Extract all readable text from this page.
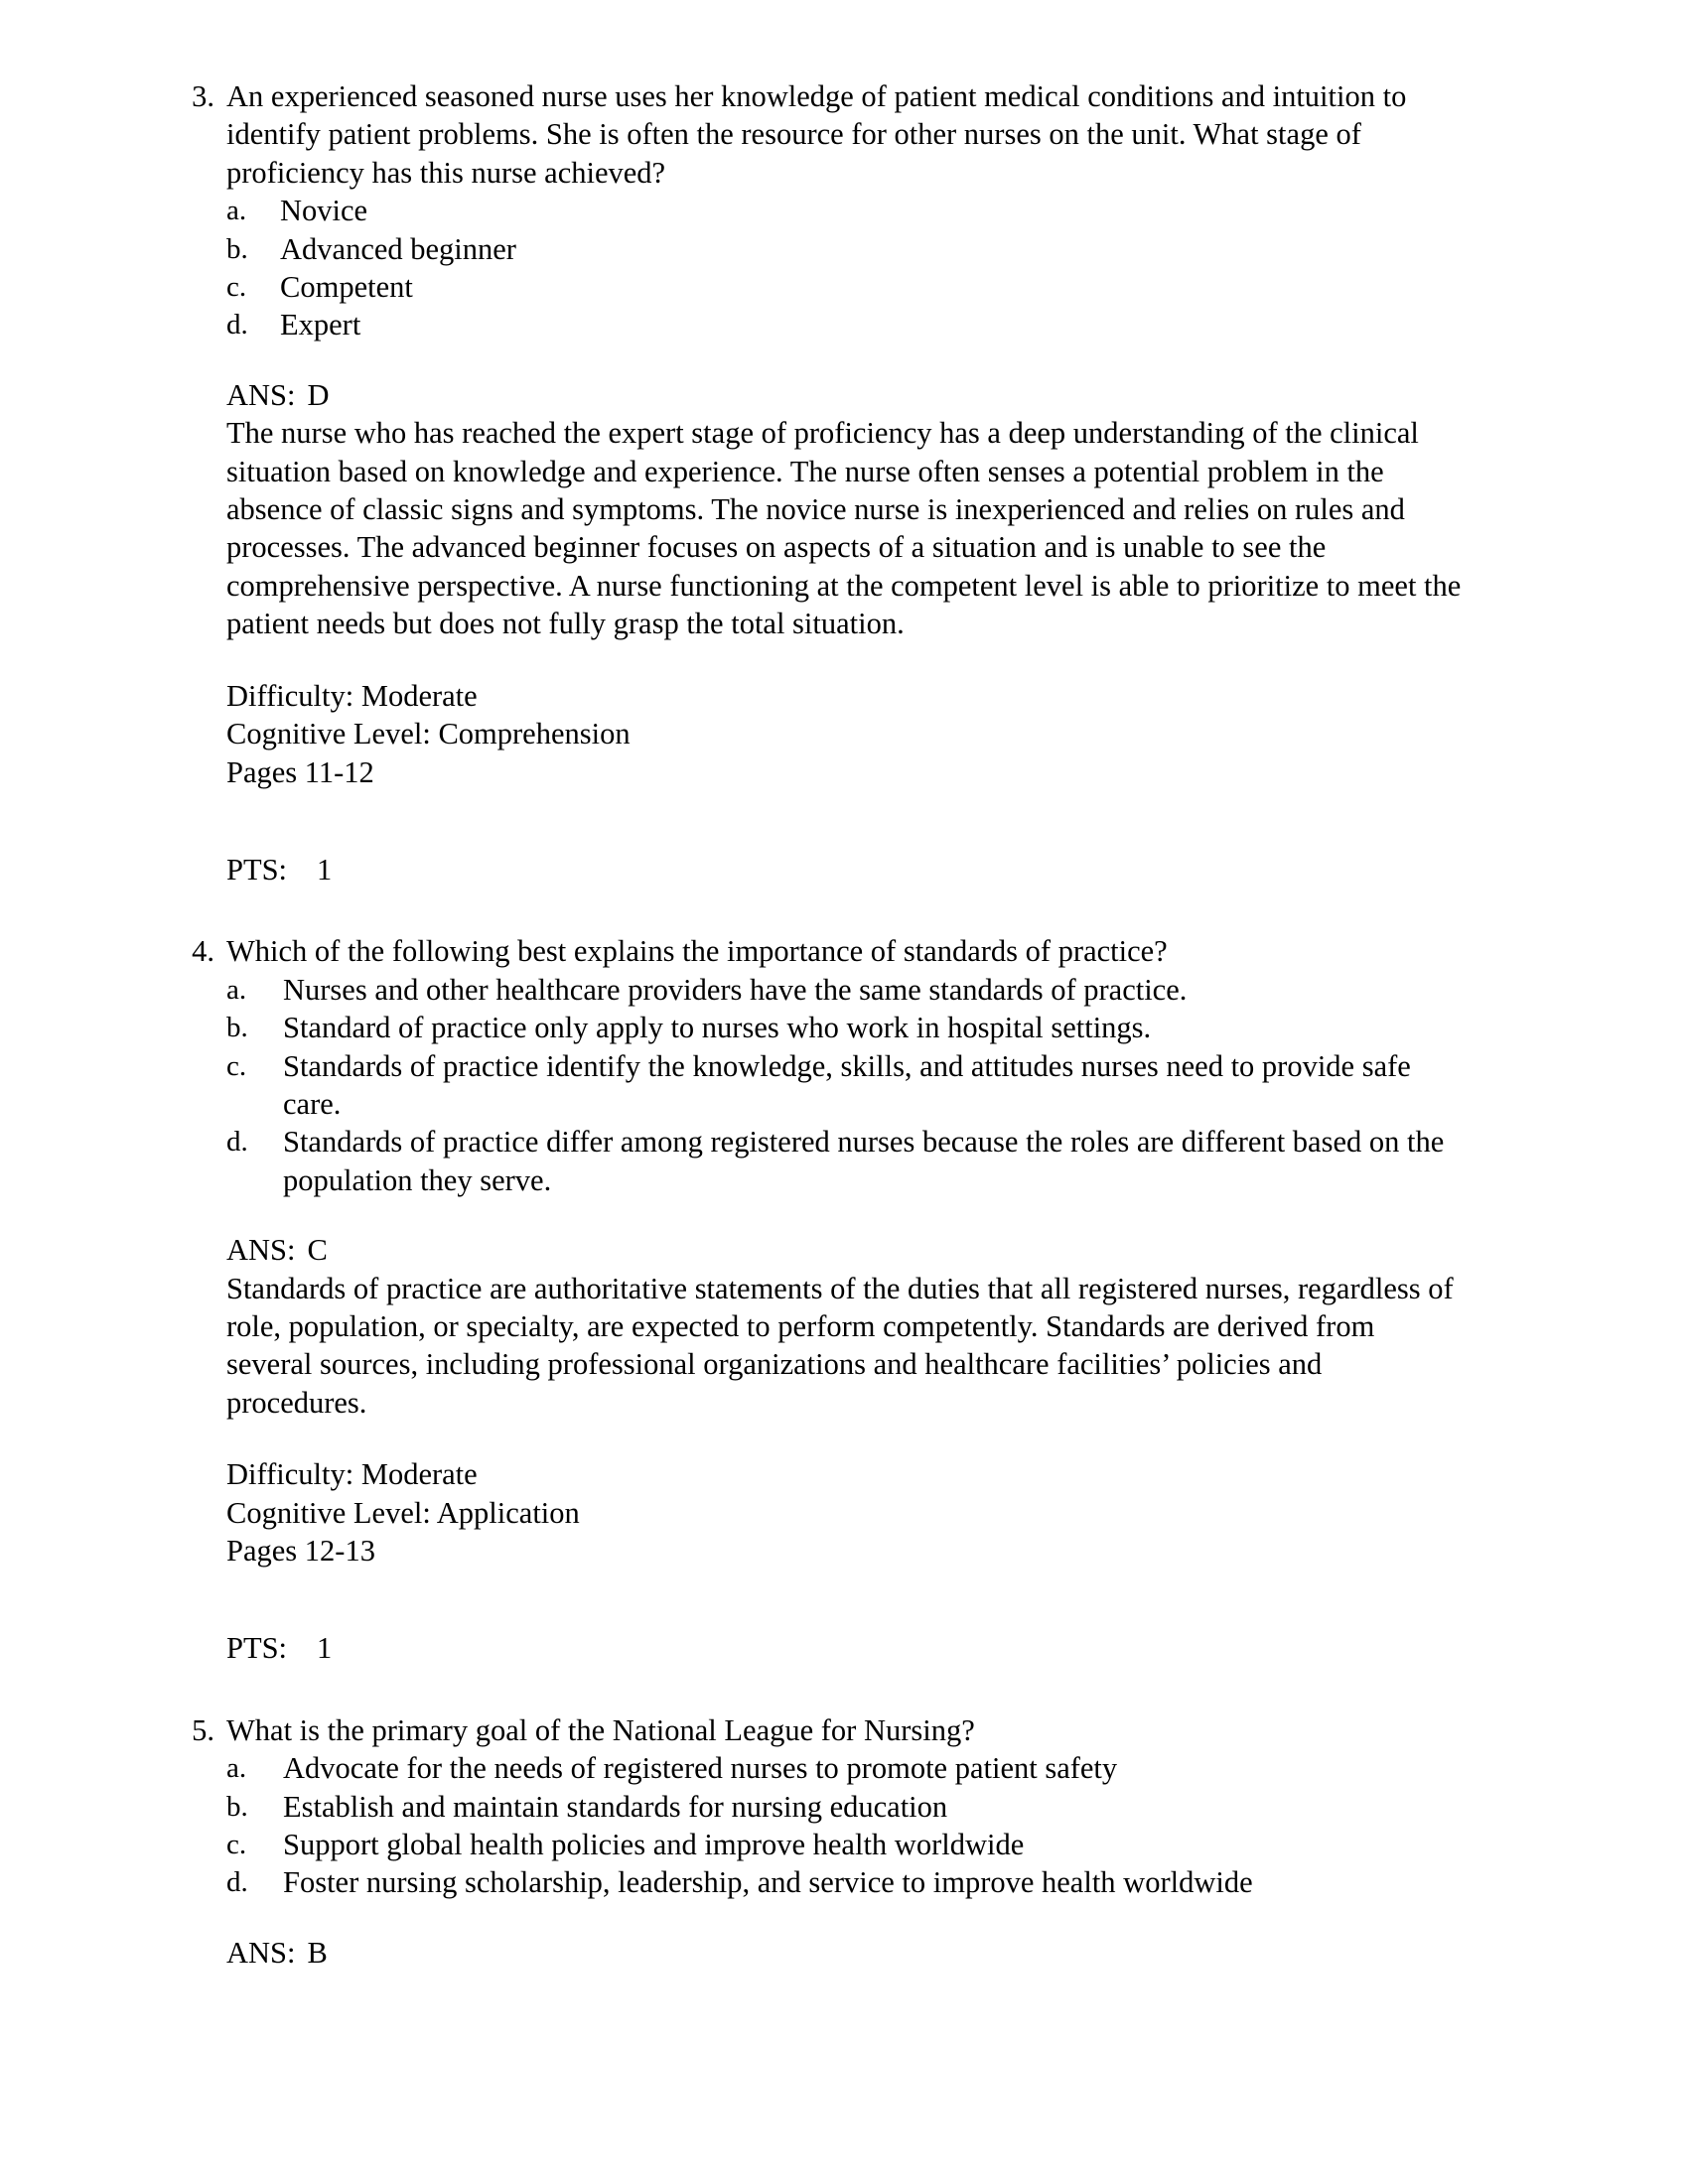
3. An experienced seasoned nurse uses her knowledge of patient medical conditions and intuition to identify patient problems. She is often the resource for other nurses on the unit. What stage of proficiency has this nurse achieved?
a.	Novice
b.	Advanced beginner
c.	Competent
d.	Expert
ANS: D

The nurse who has reached the expert stage of proficiency has a deep understanding of the clinical situation based on knowledge and experience. The nurse often senses a potential problem in the absence of classic signs and symptoms. The novice nurse is inexperienced and relies on rules and processes. The advanced beginner focuses on aspects of a situation and is unable to see the comprehensive perspective. A nurse functioning at the competent level is able to prioritize to meet the patient needs but does not fully grasp the total situation.

Difficulty: Moderate
Cognitive Level: Comprehension
Pages 11-12
PTS: 1
4. Which of the following best explains the importance of standards of practice?
a.	Nurses and other healthcare providers have the same standards of practice.
b.	Standard of practice only apply to nurses who work in hospital settings.
c.	Standards of practice identify the knowledge, skills, and attitudes nurses need to provide safe care.
d.	Standards of practice differ among registered nurses because the roles are different based on the population they serve.
ANS: C

Standards of practice are authoritative statements of the duties that all registered nurses, regardless of role, population, or specialty, are expected to perform competently. Standards are derived from several sources, including professional organizations and healthcare facilities’ policies and procedures.

Difficulty: Moderate
Cognitive Level: Application
Pages 12-13
PTS: 1
5. What is the primary goal of the National League for Nursing?
a.	Advocate for the needs of registered nurses to promote patient safety
b.	Establish and maintain standards for nursing education
c.	Support global health policies and improve health worldwide
d.	Foster nursing scholarship, leadership, and service to improve health worldwide
ANS: B
